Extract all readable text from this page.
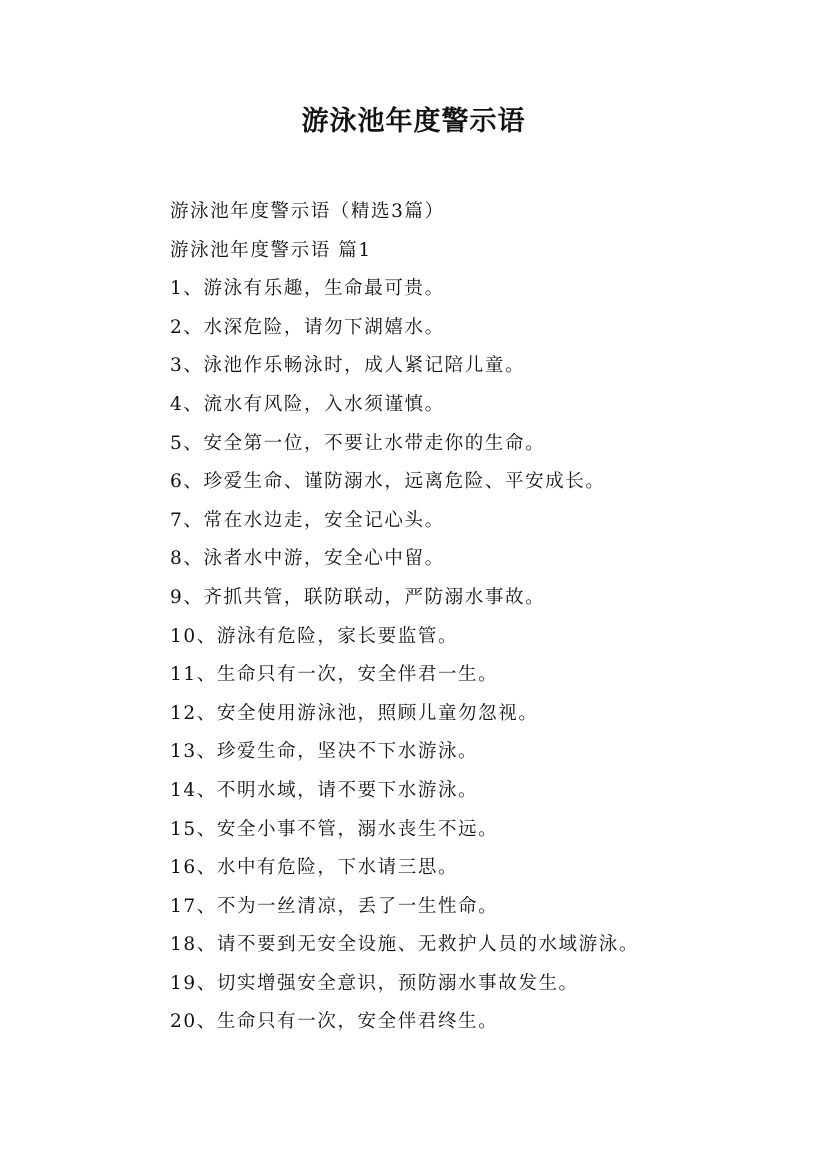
游泳池年度警示语
游泳池年度警示语（精选3篇）
游泳池年度警示语 篇1
1、游泳有乐趣，生命最可贵。
2、水深危险，请勿下湖嬉水。
3、泳池作乐畅泳时，成人紧记陪儿童。
4、流水有风险，入水须谨慎。
5、安全第一位，不要让水带走你的生命。
6、珍爱生命、谨防溺水，远离危险、平安成长。
7、常在水边走，安全记心头。
8、泳者水中游，安全心中留。
9、齐抓共管，联防联动，严防溺水事故。
10、游泳有危险，家长要监管。
11、生命只有一次，安全伴君一生。
12、安全使用游泳池，照顾儿童勿忽视。
13、珍爱生命，坚决不下水游泳。
14、不明水域，请不要下水游泳。
15、安全小事不管，溺水丧生不远。
16、水中有危险，下水请三思。
17、不为一丝清凉，丢了一生性命。
18、请不要到无安全设施、无救护人员的水域游泳。
19、切实增强安全意识，预防溺水事故发生。
20、生命只有一次，安全伴君终生。
